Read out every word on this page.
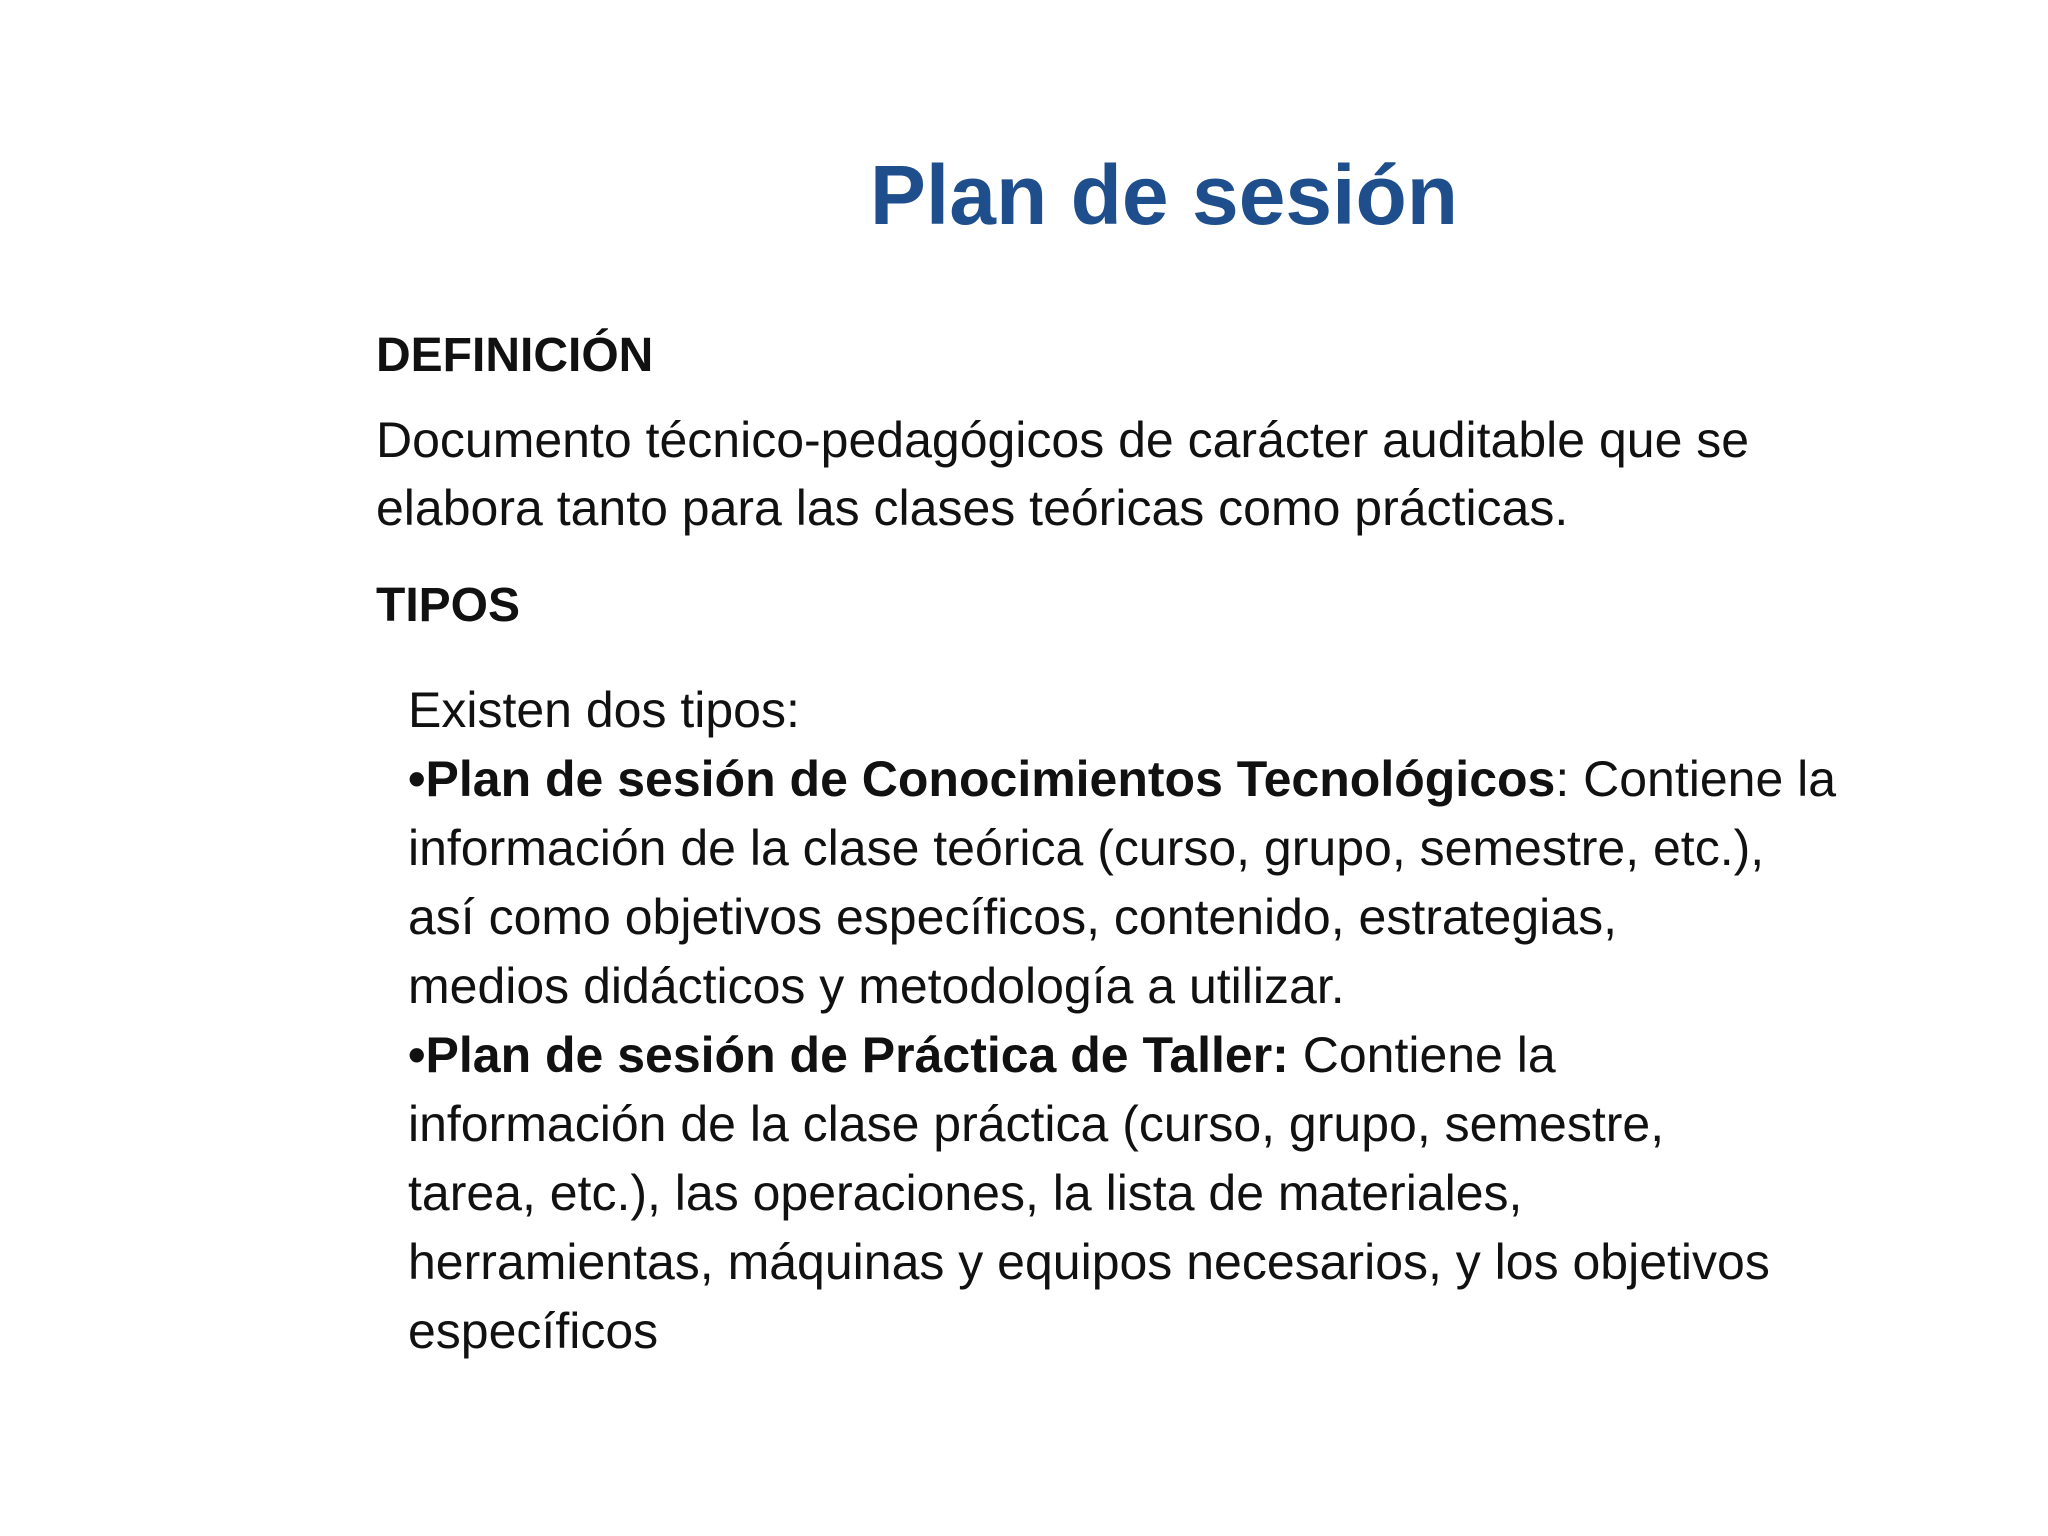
Plan de sesión
DEFINICIÓN
Documento técnico-pedagógicos de carácter auditable que se
elabora tanto para las clases teóricas como prácticas.
TIPOS
Existen dos tipos:
•Plan de sesión de Conocimientos Tecnológicos: Contiene la
información de la clase teórica (curso, grupo, semestre, etc.),
así como objetivos específicos, contenido, estrategias,
medios didácticos y metodología a utilizar.
•Plan de sesión de Práctica de Taller: Contiene la
información de la clase práctica (curso, grupo, semestre,
tarea, etc.), las operaciones, la lista de materiales,
herramientas, máquinas y equipos necesarios, y los objetivos
específicos
